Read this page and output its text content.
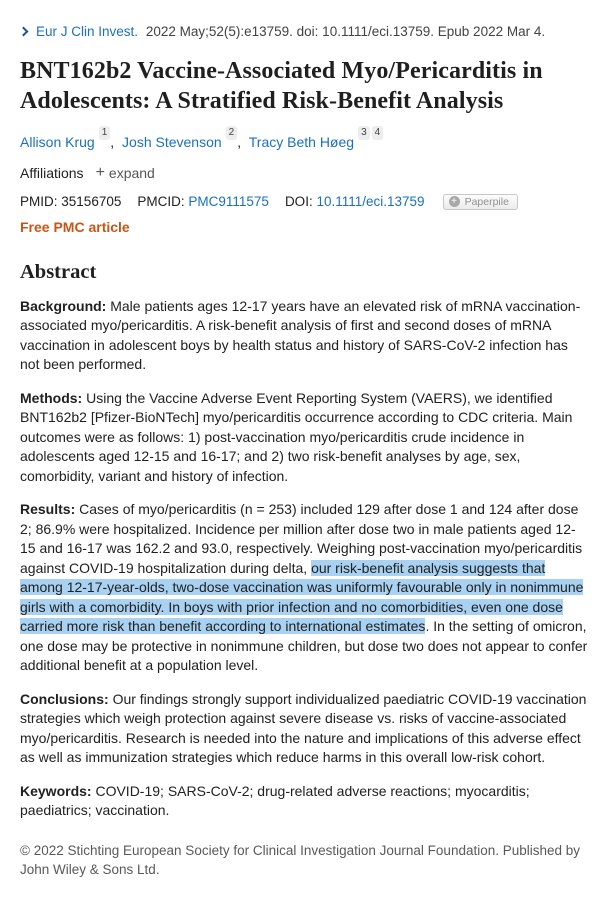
Eur J Clin Invest. 2022 May;52(5):e13759. doi: 10.1111/eci.13759. Epub 2022 Mar 4.
BNT162b2 Vaccine-Associated Myo/Pericarditis in Adolescents: A Stratified Risk-Benefit Analysis
Allison Krug$^1$, Josh Stevenson$^2$, Tracy Beth Høeg$^3$ $^4$
Affiliations + expand
PMID: 35156705 PMCID: PMC9111575 DOI: 10.1111/eci.13759	+ Paperpile
Free PMC article
Abstract

Background: Male patients ages 12-17 years have an elevated risk of mRNA vaccination-associated myo/pericarditis. A risk-benefit analysis of first and second doses of mRNA vaccination in adolescent boys by health status and history of SARS-CoV-2 infection has not been performed.

Methods: Using the Vaccine Adverse Event Reporting System (VAERS), we identified BNT162b2 [Pfizer-BioNTech] myo/pericarditis occurrence according to CDC criteria. Main outcomes were as follows: 1) post-vaccination myo/pericarditis crude incidence in adolescents aged 12-15 and 16-17; and 2) two risk-benefit analyses by age, sex, comorbidity, variant and history of infection.

Results: Cases of myo/pericarditis (n = 253) included 129 after dose 1 and 124 after dose 2; 86.9% were hospitalized. Incidence per million after dose two in male patients aged 12-15 and 16-17 was 162.2 and 93.0, respectively. Weighing post-vaccination myo/pericarditis against COVID-19 hospitalization during delta, our risk-benefit analysis suggests that among 12-17-year-olds, two-dose vaccination was uniformly favourable only in nonimmune girls with a comorbidity. In boys with prior infection and no comorbidities, even one dose carried more risk than benefit according to international estimates. In the setting of omicron, one dose may be protective in nonimmune children, but dose two does not appear to confer additional benefit at a population level.

Conclusions: Our findings strongly support individualized paediatric COVID-19 vaccination strategies which weigh protection against severe disease vs. risks of vaccine-associated myo/pericarditis. Research is needed into the nature and implications of this adverse effect as well as immunization strategies which reduce harms in this overall low-risk cohort.

Keywords: COVID-19; SARS-CoV-2; drug-related adverse reactions; myocarditis; paediatrics; vaccination.

© 2022 Stichting European Society for Clinical Investigation Journal Foundation. Published by John Wiley & Sons Ltd.
